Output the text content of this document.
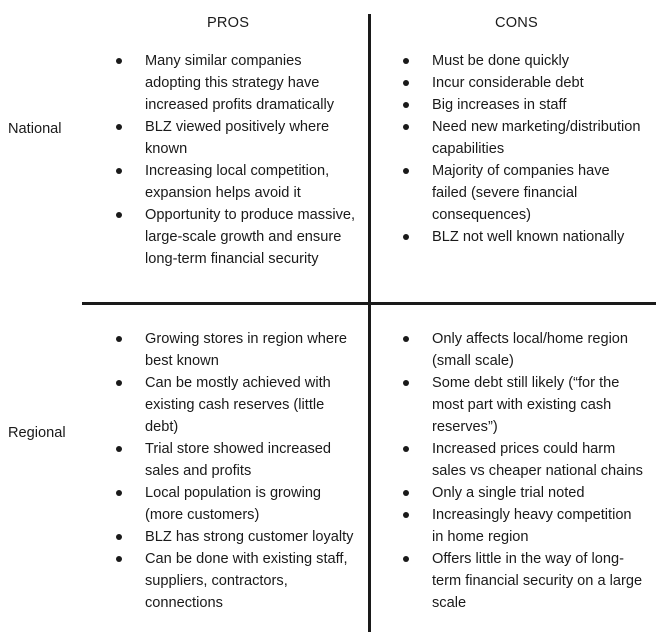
PROS	CONS
National
Regional
Many similar companies adopting this strategy have increased profits dramatically
BLZ viewed positively where known
Increasing local competition, expansion helps avoid it
Opportunity to produce massive, large-scale growth and ensure long-term financial security
Must be done quickly
Incur considerable debt
Big increases in staff
Need new marketing/distribution capabilities
Majority of companies have failed (severe financial consequences)
BLZ not well known nationally
Growing stores in region where best known
Can be mostly achieved with existing cash reserves (little debt)
Trial store showed increased sales and profits
Local population is growing (more customers)
BLZ has strong customer loyalty
Can be done with existing staff, suppliers, contractors, connections
Only affects local/home region (small scale)
Some debt still likely (“for the most part with existing cash reserves”)
Increased prices could harm sales vs cheaper national chains
Only a single trial noted
Increasingly heavy competition in home region
Offers little in the way of long-term financial security on a large scale
